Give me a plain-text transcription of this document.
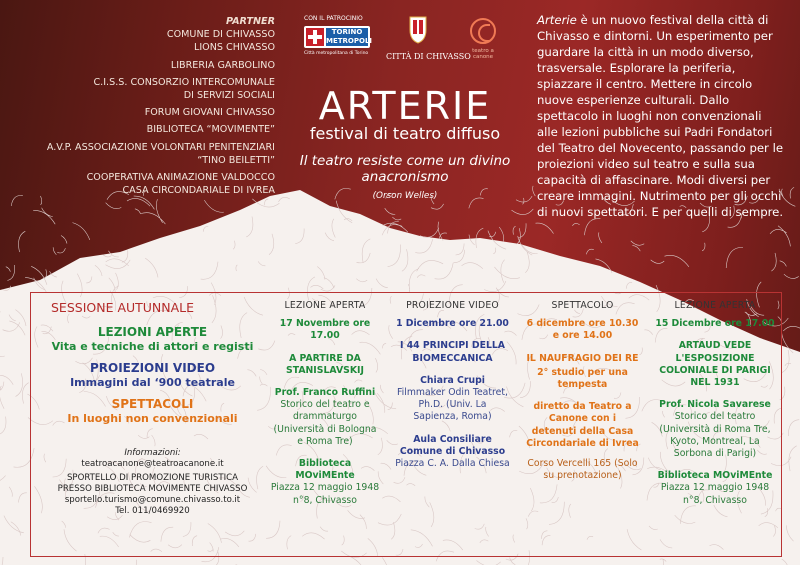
PARTNER
COMUNE DI CHIVASSO
LIONS CHIVASSO
LIBRERIA GARBOLINO
C.I.S.S. CONSORZIO INTERCOMUNALE
DI SERVIZI SOCIALI
FORUM GIOVANI CHIVASSO
BIBLIOTECA “MOVIMENTE”
A.V.P. ASSOCIAZIONE VOLONTARI PENITENZIARI
“TINO BEILETTI”
COOPERATIVA ANIMAZIONE VALDOCCO
CASA CIRCONDARIALE DI IVREA
CON IL PATROCINIO
TORINO METROPOLI
Città metropolitana di Torino CITTÀ DI CHIVASSO
teatro a canone
ARTERIE
festival di teatro diffuso
Il teatro resiste come un divino anacronismo
(Orson Welles)
Arterie è un nuovo festival della città di Chivasso e dintorni. Un esperimento per guardare la città in un modo diverso, trasversale. Esplorare la periferia, spiazzare il centro. Mettere in circolo nuove esperienze culturali. Dallo spettacolo in luoghi non convenzionali alle lezioni pubbliche sui Padri Fondatori del Teatro del Novecento, passando per le proiezioni video sul teatro e sulla sua capacità di affascinare. Modi diversi per creare immagini. Nutrimento per gli occhi di nuovi spettatori. E per quelli di sempre.
SESSIONE AUTUNNALE
LEZIONI APERTE
Vita e tecniche di attori e registi
PROIEZIONI VIDEO
Immagini dal ‘900 teatrale
SPETTACOLI
In luoghi non convenzionali
Informazioni:
teatroacanone@teatroacanone.it
SPORTELLO DI PROMOZIONE TURISTICA
PRESSO BIBLIOTECA MOVIMENTE CHIVASSO
sportello.turismo@comune.chivasso.to.it
Tel. 011/0469920
LEZIONE APERTA
17 Novembre ore 17.00
A PARTIRE DA STANISLAVSKIJ
Prof. Franco Ruffini
Storico del teatro e drammaturgo (Università di Bologna e Roma Tre)
Biblioteca MOviMEnte
Piazza 12 maggio 1948 n°8, Chivasso
PROIEZIONE VIDEO
1 Dicembre ore 21.00
I 44 PRINCIPI DELLA BIOMECCANICA
Chiara Crupi
Filmmaker Odin Teatret, Ph.D. (Univ. La Sapienza, Roma)
Aula Consiliare Comune di Chivasso
Piazza C. A. Dalla Chiesa
SPETTACOLO
6 dicembre ore 10.30 e ore 14.00
IL NAUFRAGIO DEI RE
2° studio per una tempesta
diretto da Teatro a Canone con i detenuti della Casa Circondariale di Ivrea
Corso Vercelli 165 (Solo su prenotazione)
LEZIONE APERTA
15 Dicembre ore 17.00
ARTAUD VEDE L'ESPOSIZIONE COLONIALE DI PARIGI NEL 1931
Prof. Nicola Savarese
Storico del teatro (Università di Roma Tre, Kyoto, Montreal, La Sorbona di Parigi)
Biblioteca MOviMEnte
Piazza 12 maggio 1948 n°8, Chivasso
